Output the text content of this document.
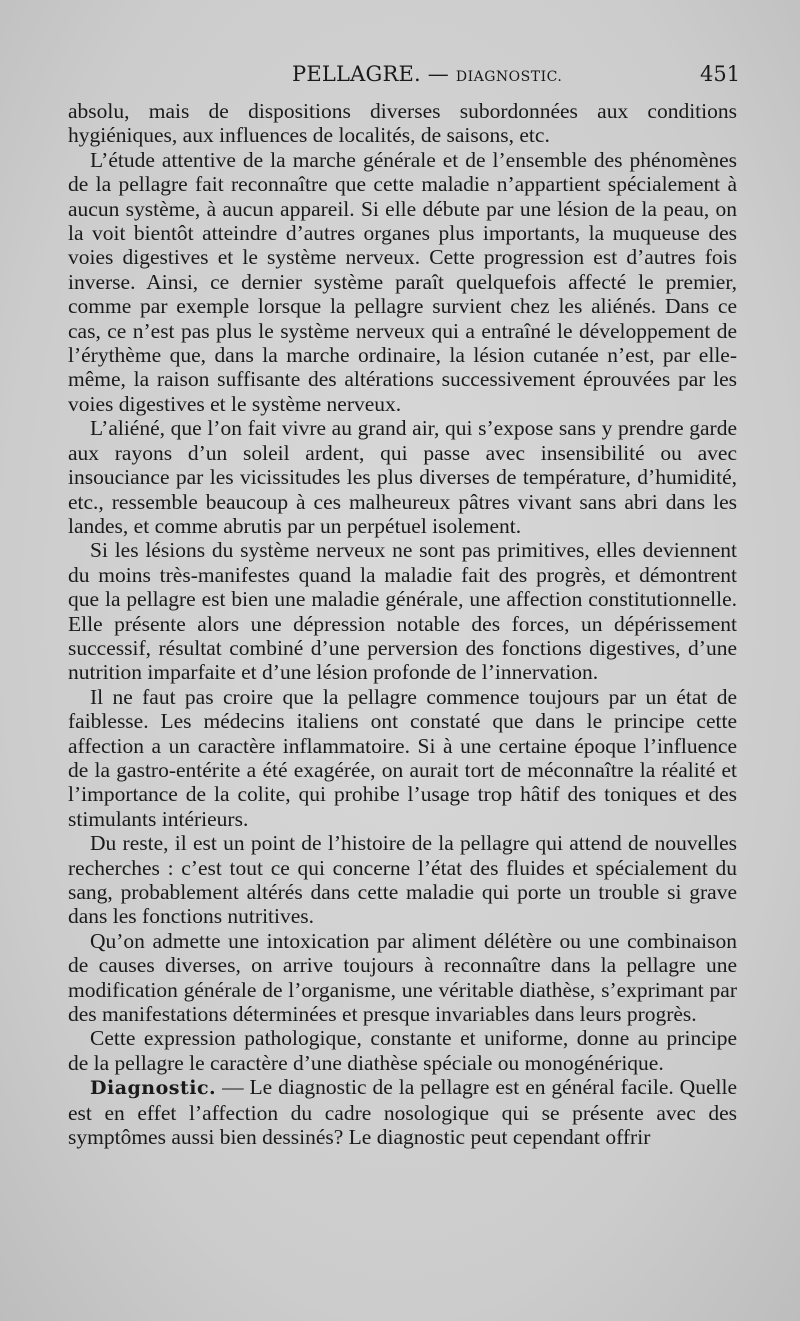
PELLAGRE. — DIAGNOSTIC.	451

absolu, mais de dispositions diverses subordonnées aux conditions hygiéniques, aux influences de localités, de saisons, etc.

L’étude attentive de la marche générale et de l’ensemble des phénomènes de la pellagre fait reconnaître que cette maladie n’appartient spécialement à aucun système, à aucun appareil. Si elle débute par une lésion de la peau, on la voit bientôt atteindre d’autres organes plus importants, la muqueuse des voies digestives et le système nerveux. Cette progression est d’autres fois inverse. Ainsi, ce dernier système paraît quelquefois affecté le premier, comme par exemple lorsque la pellagre survient chez les aliénés. Dans ce cas, ce n’est pas plus le système nerveux qui a entraîné le développement de l’érythème que, dans la marche ordinaire, la lésion cutanée n’est, par elle-même, la raison suffisante des altérations successivement éprouvées par les voies digestives et le système nerveux.

L’aliéné, que l’on fait vivre au grand air, qui s’expose sans y prendre garde aux rayons d’un soleil ardent, qui passe avec insensibilité ou avec insouciance par les vicissitudes les plus diverses de température, d’humidité, etc., ressemble beaucoup à ces malheureux pâtres vivant sans abri dans les landes, et comme abrutis par un perpétuel isolement.

Si les lésions du système nerveux ne sont pas primitives, elles deviennent du moins très-manifestes quand la maladie fait des progrès, et démontrent que la pellagre est bien une maladie générale, une affection constitutionnelle. Elle présente alors une dépression notable des forces, un dépérissement successif, résultat combiné d’une perversion des fonctions digestives, d’une nutrition imparfaite et d’une lésion profonde de l’innervation.

Il ne faut pas croire que la pellagre commence toujours par un état de faiblesse. Les médecins italiens ont constaté que dans le principe cette affection a un caractère inflammatoire. Si à une certaine époque l’influence de la gastro-entérite a été exagérée, on aurait tort de méconnaître la réalité et l’importance de la colite, qui prohibe l’usage trop hâtif des toniques et des stimulants intérieurs.

Du reste, il est un point de l’histoire de la pellagre qui attend de nouvelles recherches : c’est tout ce qui concerne l’état des fluides et spécialement du sang, probablement altérés dans cette maladie qui porte un trouble si grave dans les fonctions nutritives.

Qu’on admette une intoxication par aliment délétère ou une combinaison de causes diverses, on arrive toujours à reconnaître dans la pellagre une modification générale de l’organisme, une véritable diathèse, s’exprimant par des manifestations déterminées et presque invariables dans leurs progrès.

Cette expression pathologique, constante et uniforme, donne au principe de la pellagre le caractère d’une diathèse spéciale ou monogénérique.

Diagnostic. — Le diagnostic de la pellagre est en général facile. Quelle est en effet l’affection du cadre nosologique qui se présente avec des symptômes aussi bien dessinés? Le diagnostic peut cependant offrir
